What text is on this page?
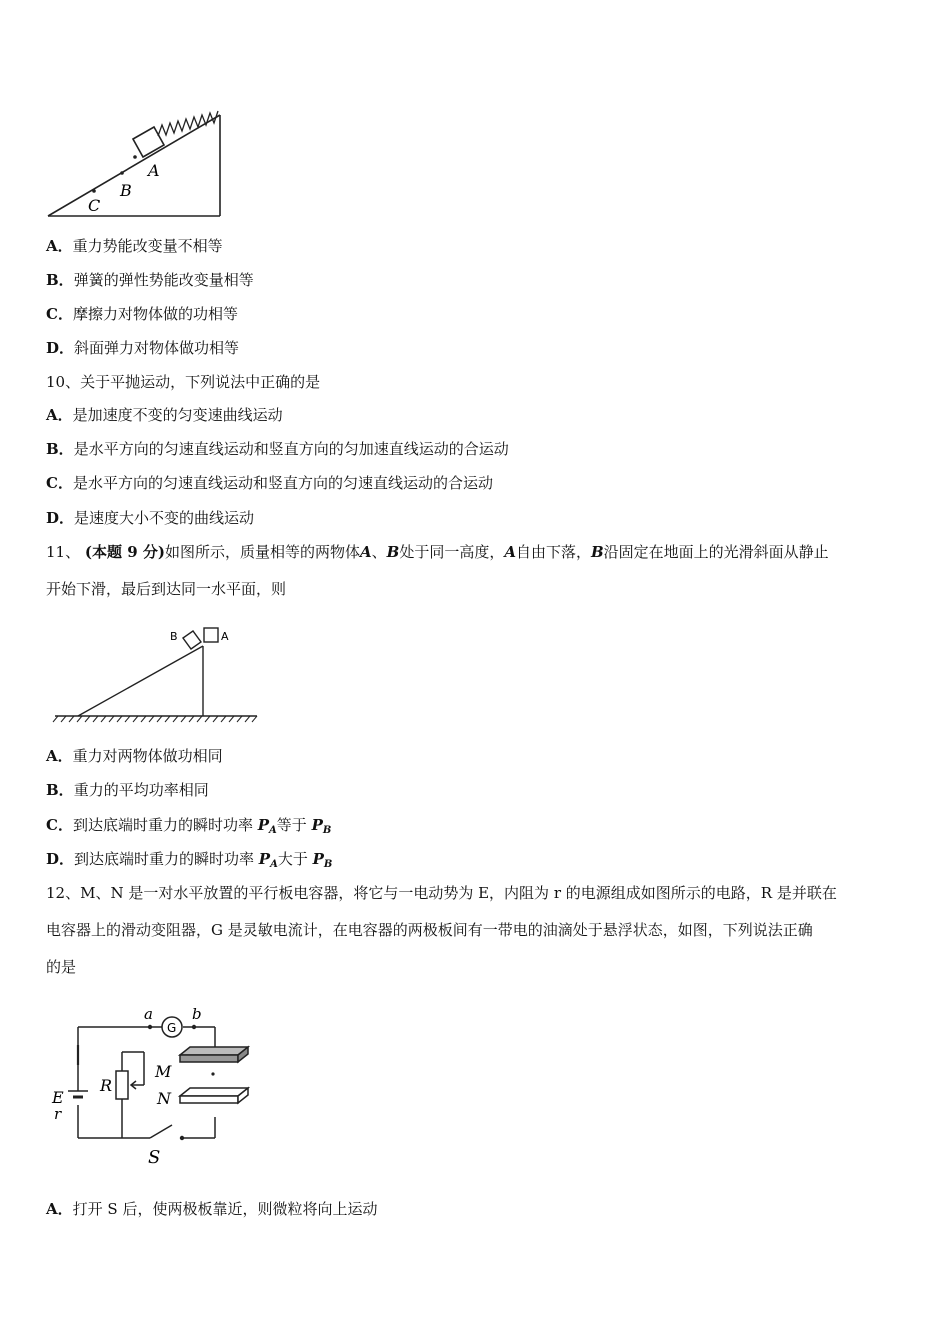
A
B
C
A．重力势能改变量不相等
B．弹簧的弹性势能改变量相等
C．摩擦力对物体做的功相等
D．斜面弹力对物体做功相等
10、关于平抛运动，下列说法中正确的是
A．是加速度不变的匀变速曲线运动
B．是水平方向的匀速直线运动和竖直方向的匀加速直线运动的合运动
C．是水平方向的匀速直线运动和竖直方向的匀速直线运动的合运动
D．是速度大小不变的曲线运动
11、 (本题 9 分)如图所示，质量相等的两物体A、B处于同一高度，A自由下落，B沿固定在地面上的光滑斜面从静止
开始下滑，最后到达同一水平面，则
B	A
A．重力对两物体做功相同
B．重力的平均功率相同
C．到达底端时重力的瞬时功率 $P_A$等于 $P_B$
D．到达底端时重力的瞬时功率 $P_A$大于 $P_B$
12、M、N 是一对水平放置的平行板电容器，将它与一电动势为 E，内阻为 r 的电源组成如图所示的电路，R 是并联在
电容器上的滑动变阻器，G 是灵敏电流计，在电容器的两极板间有一带电的油滴处于悬浮状态，如图，下列说法正确
的是
a
G
b
M
N
R
E
r
S
A．打开 S 后，使两极板靠近，则微粒将向上运动
